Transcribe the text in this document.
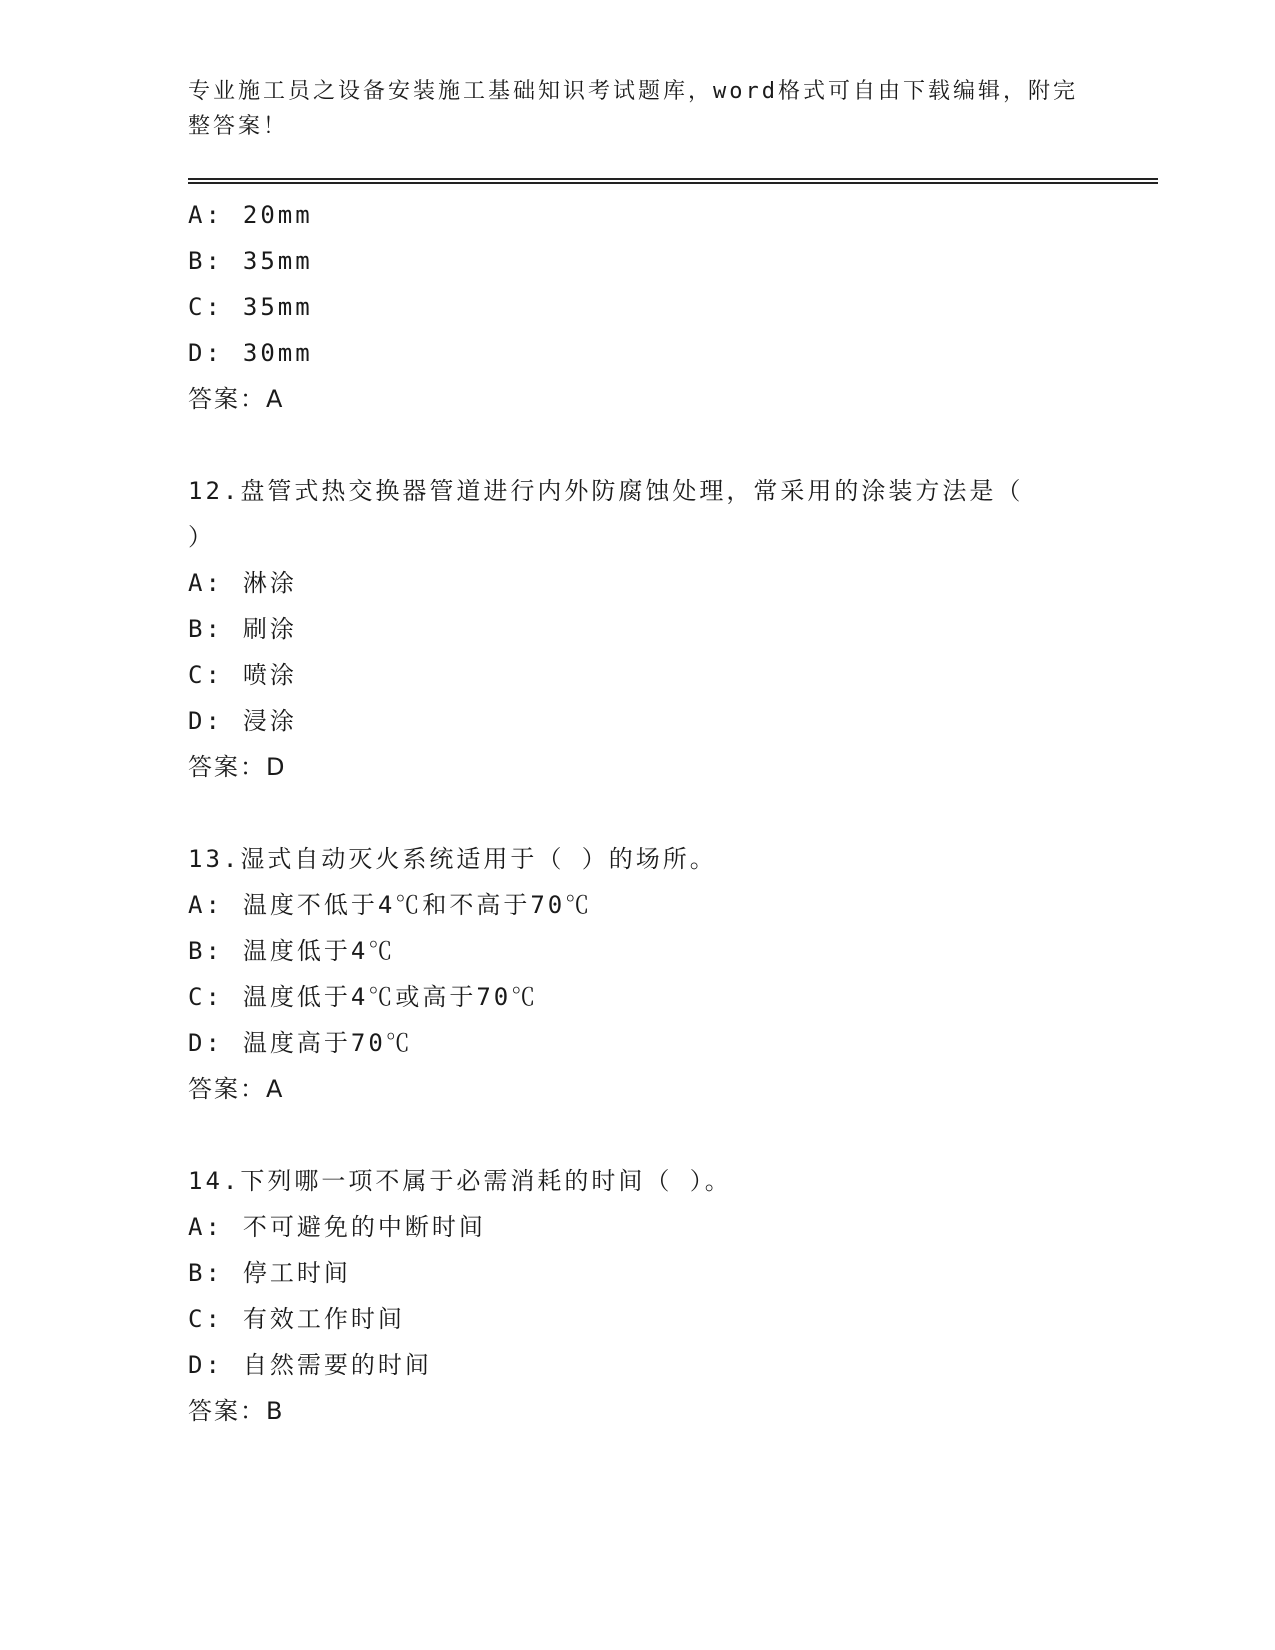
专业施工员之设备安装施工基础知识考试题库，word格式可自由下载编辑，附完整答案！
A: 20mm
B: 35mm
C: 35mm
D: 30mm
答案：A
12.盘管式热交换器管道进行内外防腐蚀处理，常采用的涂装方法是（ ）
A: 淋涂
B: 刷涂
C: 喷涂
D: 浸涂
答案：D
13.湿式自动灭火系统适用于（ ）的场所。
A: 温度不低于4℃和不高于70℃
B: 温度低于4℃
C: 温度低于4℃或高于70℃
D: 温度高于70℃
答案：A
14.下列哪一项不属于必需消耗的时间（ ）。
A: 不可避免的中断时间
B: 停工时间
C: 有效工作时间
D: 自然需要的时间
答案：B
